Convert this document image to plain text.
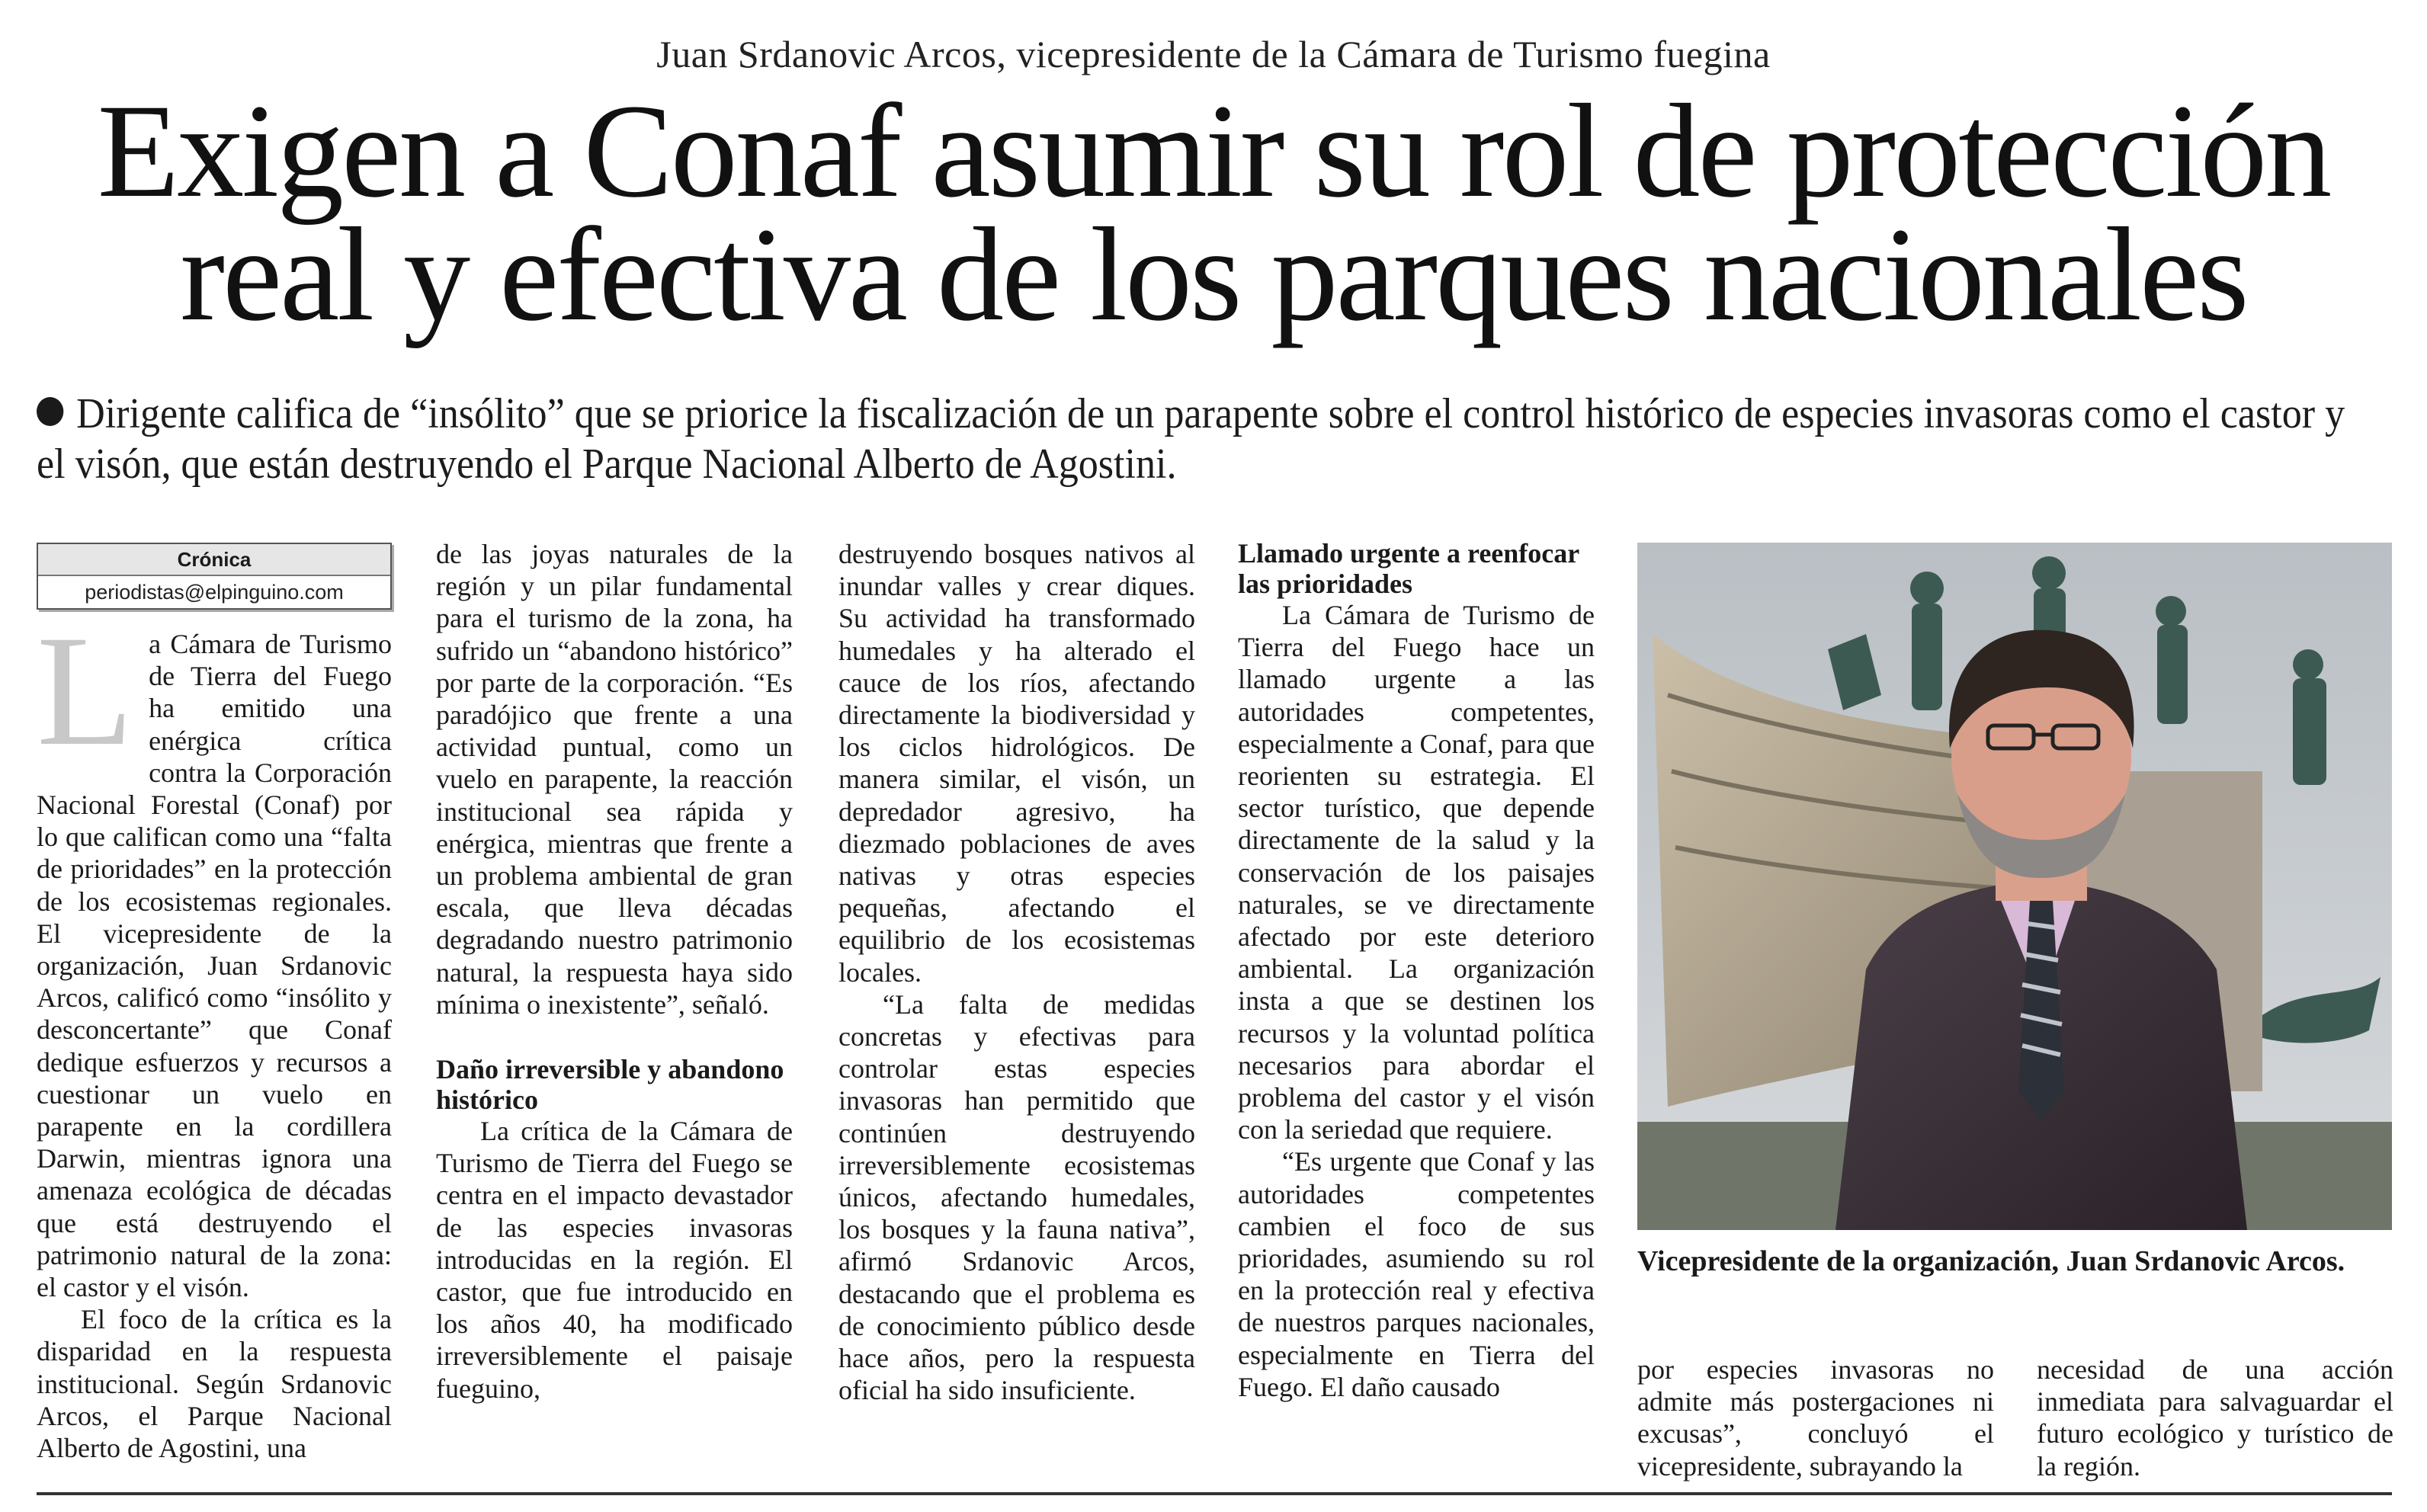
Juan Srdanovic Arcos, vicepresidente de la Cámara de Turismo fuegina
Exigen a Conaf asumir su rol de protección
real y efectiva de los parques nacionales
Dirigente califica de “insólito” que se priorice la fiscalización de un parapente sobre el control histórico de especies invasoras como el castor y el visón, que están destruyendo el Parque Nacional Alberto de Agostini.
Crónica
periodistas@elpinguino.com
L a Cámara de Turismo de Tierra del Fuego ha emitido una enérgica crítica contra la Corporación Nacional Forestal (Conaf) por lo que califican como una “falta de prioridades” en la protección de los ecosistemas regionales. El vicepresidente de la organización, Juan Srdanovic Arcos, calificó como “insólito y desconcertante” que Conaf dedique esfuerzos y recursos a cuestionar un vuelo en parapente en la cordillera Darwin, mientras ignora una amenaza ecológica de décadas que está destruyendo el patrimonio natural de la zona: el castor y el visón.

El foco de la crítica es la disparidad en la respuesta institucional. Según Srdanovic Arcos, el Parque Nacional Alberto de Agostini, una

de las joyas naturales de la región y un pilar fundamental para el turismo de la zona, ha sufrido un “abandono histórico” por parte de la corporación. “Es paradójico que frente a una actividad puntual, como un vuelo en parapente, la reacción institucional sea rápida y enérgica, mientras que frente a un problema ambiental de gran escala, que lleva décadas degradando nuestro patrimonio natural, la respuesta haya sido mínima o inexistente”, señaló.

Daño irreversible y abandono histórico

La crítica de la Cámara de Turismo de Tierra del Fuego se centra en el impacto devastador de las especies invasoras introducidas en la región. El castor, que fue introducido en los años 40, ha modificado irreversiblemente el paisaje fueguino,

destruyendo bosques nativos al inundar valles y crear diques. Su actividad ha transformado humedales y ha alterado el cauce de los ríos, afectando directamente la biodiversidad y los ciclos hidrológicos. De manera similar, el visón, un depredador agresivo, ha diezmado poblaciones de aves nativas y otras especies pequeñas, afectando el equilibrio de los ecosistemas locales.

“La falta de medidas concretas y efectivas para controlar estas especies invasoras han permitido que continúen destruyendo irreversiblemente ecosistemas únicos, afectando humedales, los bosques y la fauna nativa”, afirmó Srdanovic Arcos, destacando que el problema es de conocimiento público desde hace años, pero la respuesta oficial ha sido insuficiente.

Llamado urgente a reenfocar las prioridades

La Cámara de Turismo de Tierra del Fuego hace un llamado urgente a las autoridades competentes, especialmente a Conaf, para que reorienten su estrategia. El sector turístico, que depende directamente de la salud y la conservación de los paisajes naturales, se ve directamente afectado por este deterioro ambiental. La organización insta a que se destinen los recursos y la voluntad política necesarios para abordar el problema del castor y el visón con la seriedad que requiere.

“Es urgente que Conaf y las autoridades competentes cambien el foco de sus prioridades, asumiendo su rol en la protección real y efectiva de nuestros parques nacionales, especialmente en Tierra del Fuego. El daño causado

Vicepresidente de la organización, Juan Srdanovic Arcos.

por especies invasoras no admite más postergaciones ni excusas”, concluyó el vicepresidente, subrayando la

necesidad de una acción inmediata para salvaguardar el futuro ecológico y turístico de la región.
